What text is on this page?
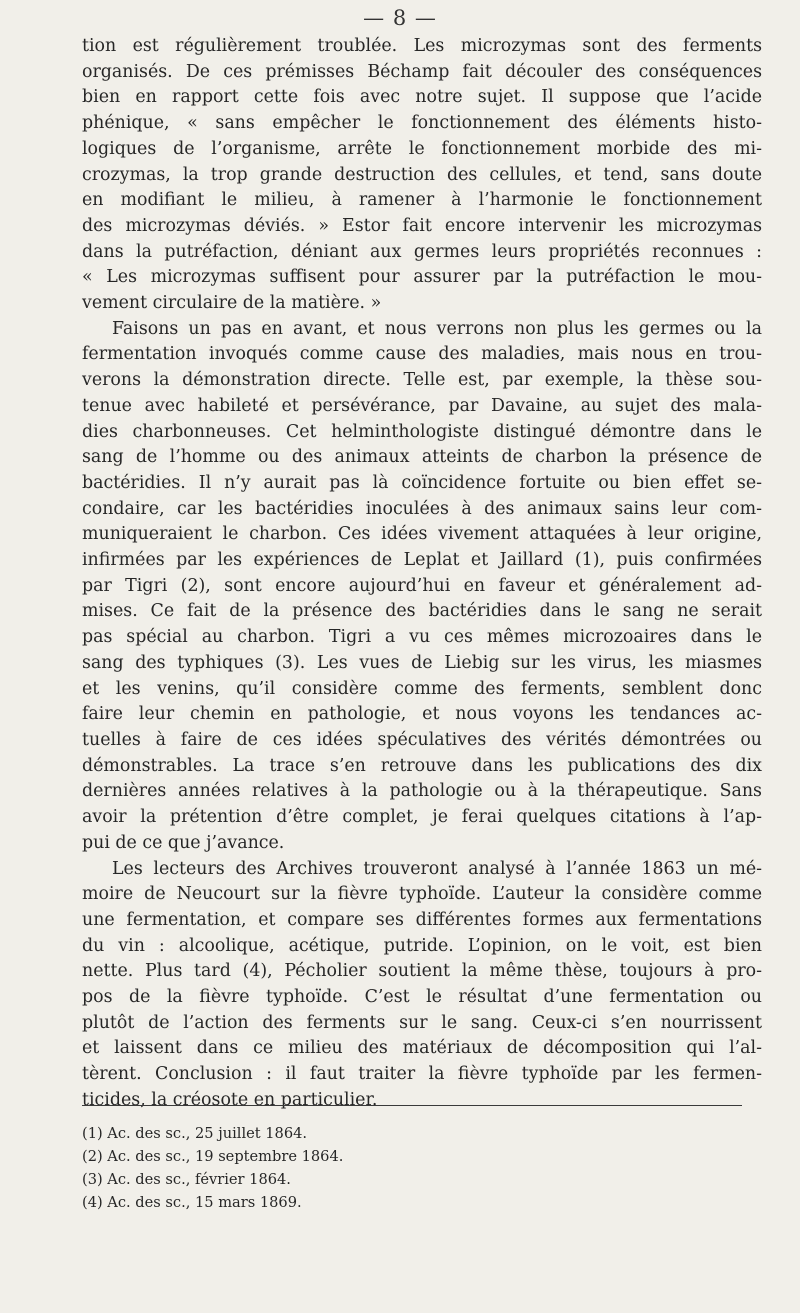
— 8 —
tion est régulièrement troublée. Les microzymas sont des ferments
organisés. De ces prémisses Béchamp fait découler des conséquences
bien en rapport cette fois avec notre sujet. Il suppose que l’acide
phénique, « sans empêcher le fonctionnement des éléments histo-
logiques de l’organisme, arrête le fonctionnement morbide des mi-
crozymas, la trop grande destruction des cellules, et tend, sans doute
en modifiant le milieu, à ramener à l’harmonie le fonctionnement
des microzymas déviés. » Estor fait encore intervenir les microzymas
dans la putréfaction, déniant aux germes leurs propriétés reconnues :
« Les microzymas suffisent pour assurer par la putréfaction le mou-
vement circulaire de la matière. »
Faisons un pas en avant, et nous verrons non plus les germes ou la
fermentation invoqués comme cause des maladies, mais nous en trou-
verons la démonstration directe. Telle est, par exemple, la thèse sou-
tenue avec habileté et persévérance, par Davaine, au sujet des mala-
dies charbonneuses. Cet helminthologiste distingué démontre dans le
sang de l’homme ou des animaux atteints de charbon la présence de
bactéridies. Il n’y aurait pas là coïncidence fortuite ou bien effet se-
condaire, car les bactéridies inoculées à des animaux sains leur com-
muniqueraient le charbon. Ces idées vivement attaquées à leur origine,
infirmées par les expériences de Leplat et Jaillard (1), puis confirmées
par Tigri (2), sont encore aujourd’hui en faveur et généralement ad-
mises. Ce fait de la présence des bactéridies dans le sang ne serait
pas spécial au charbon. Tigri a vu ces mêmes microzoaires dans le
sang des typhiques (3). Les vues de Liebig sur les virus, les miasmes
et les venins, qu’il considère comme des ferments, semblent donc
faire leur chemin en pathologie, et nous voyons les tendances ac-
tuelles à faire de ces idées spéculatives des vérités démontrées ou
démonstrables. La trace s’en retrouve dans les publications des dix
dernières années relatives à la pathologie ou à la thérapeutique. Sans
avoir la prétention d’être complet, je ferai quelques citations à l’ap-
pui de ce que j’avance.
Les lecteurs des Archives trouveront analysé à l’année 1863 un mé-
moire de Neucourt sur la fièvre typhoïde. L’auteur la considère comme
une fermentation, et compare ses différentes formes aux fermentations
du vin : alcoolique, acétique, putride. L’opinion, on le voit, est bien
nette. Plus tard (4), Pécholier soutient la même thèse, toujours à pro-
pos de la fièvre typhoïde. C’est le résultat d’une fermentation ou
plutôt de l’action des ferments sur le sang. Ceux-ci s’en nourrissent
et laissent dans ce milieu des matériaux de décomposition qui l’al-
tèrent. Conclusion : il faut traiter la fièvre typhoïde par les fermen-
ticides, la créosote en particulier.
(1) Ac. des sc., 25 juillet 1864.
(2) Ac. des sc., 19 septembre 1864.
(3) Ac. des sc., février 1864.
(4) Ac. des sc., 15 mars 1869.
